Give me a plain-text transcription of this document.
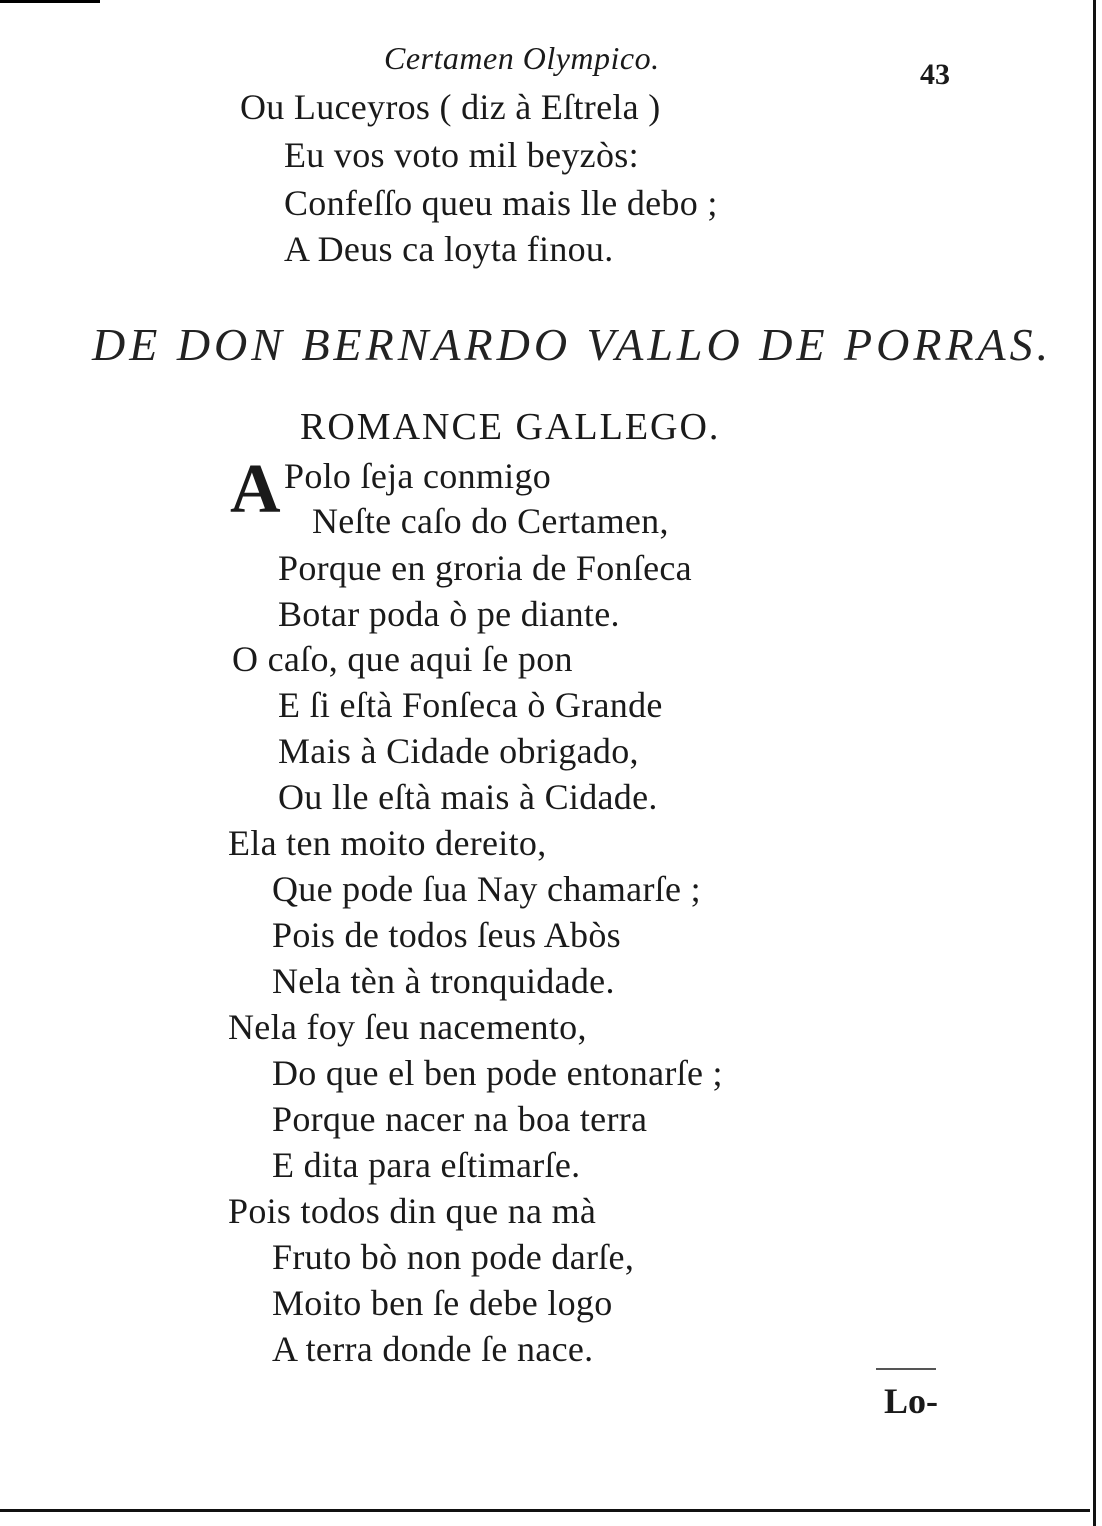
Certamen Olympico.	43
Ou Luceyros ( diz à Eſtrela )
Eu vos voto mil beyzòs:
Confeſſo queu mais lle debo ;
A Deus ca loyta finou.
DE DON BERNARDO VALLO DE PORRAS.
ROMANCE GALLEGO.
A Polo ſeja conmigo
Neſte caſo do Certamen,
Porque en groria de Fonſeca
Botar poda ò pe diante.
O caſo, que aqui ſe pon
E ſi eſtà Fonſeca ò Grande
Mais à Cidade obrigado,
Ou lle eſtà mais à Cidade.
Ela ten moito dereito,
Que pode ſua Nay chamarſe ;
Pois de todos ſeus Abòs
Nela tèn à tronquidade.
Nela foy ſeu nacemento,
Do que el ben pode entonarſe ;
Porque nacer na boa terra
E dita para eſtimarſe.
Pois todos din que na mà
Fruto bò non pode darſe,
Moito ben ſe debe logo
A terra donde ſe nace.
Lo-
